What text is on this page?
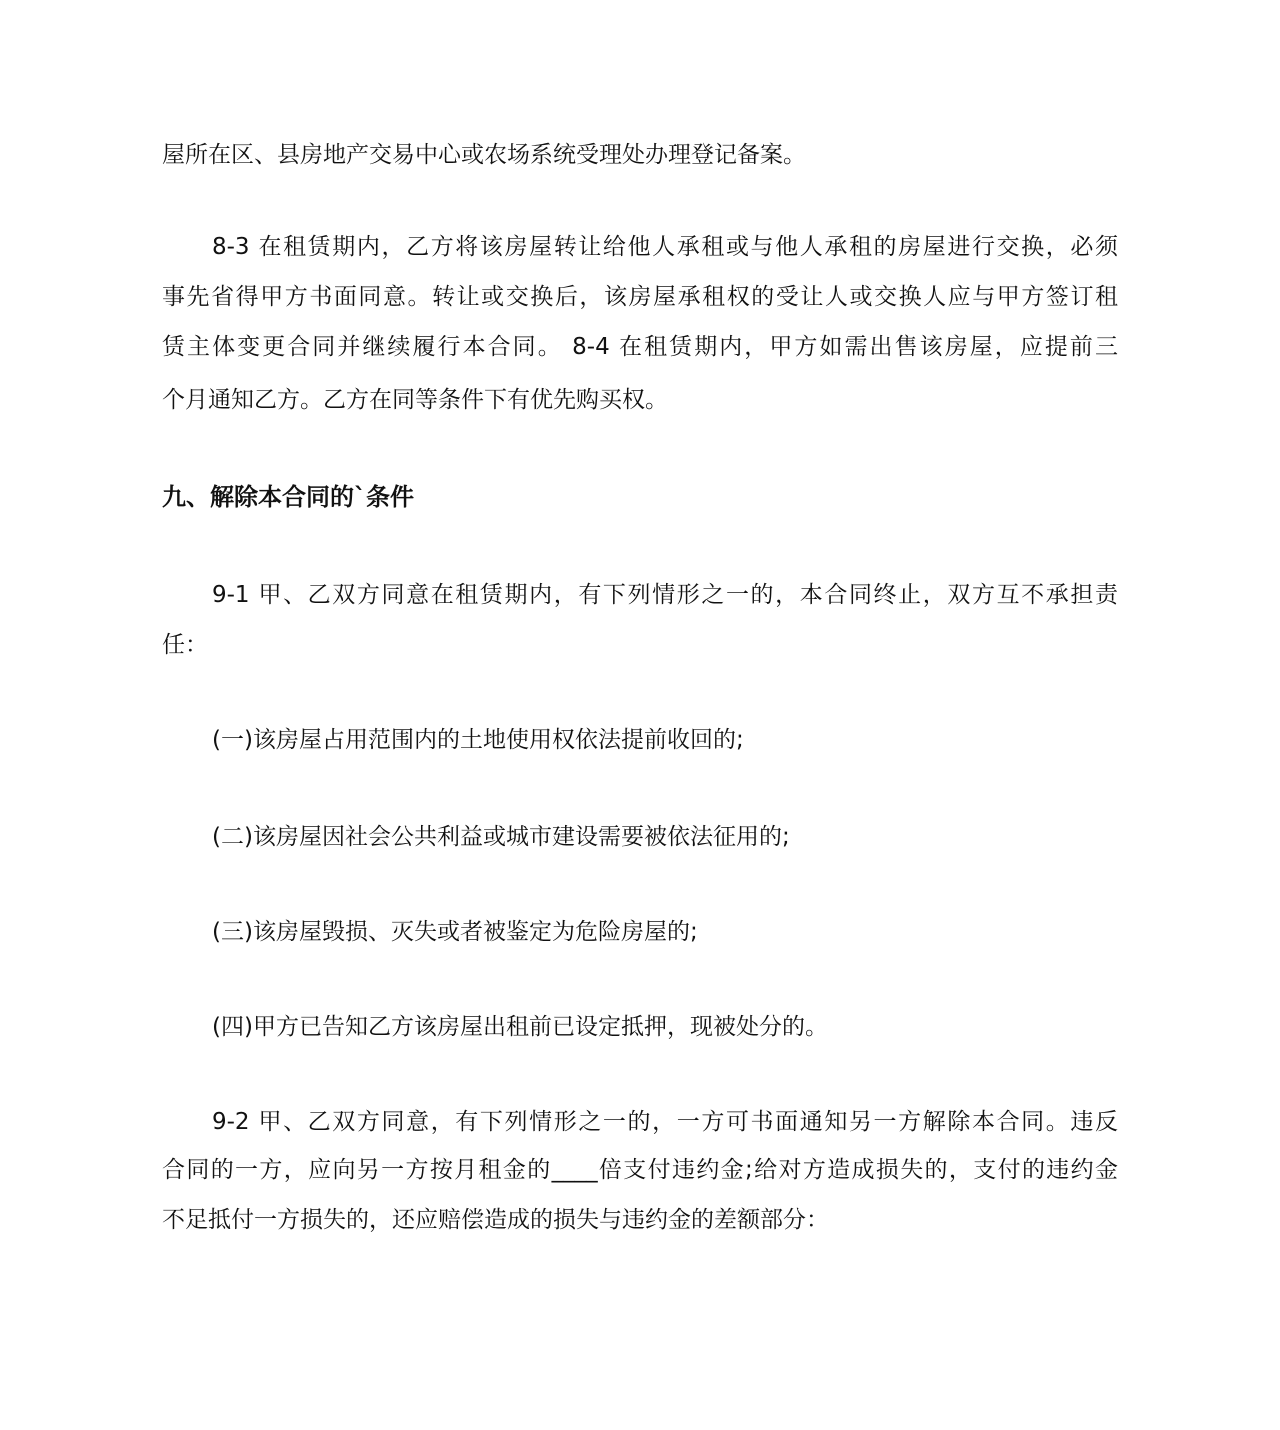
屋所在区、县房地产交易中心或农场系统受理处办理登记备案。
8-3 在租赁期内，乙方将该房屋转让给他人承租或与他人承租的房屋进行交换，必须
事先省得甲方书面同意。转让或交换后，该房屋承租权的受让人或交换人应与甲方签订租
赁主体变更合同并继续履行本合同。 8-4 在租赁期内，甲方如需出售该房屋，应提前三
个月通知乙方。乙方在同等条件下有优先购买权。
九、解除本合同的`条件
9-1 甲、乙双方同意在租赁期内，有下列情形之一的，本合同终止，双方互不承担责
任：
(一)该房屋占用范围内的土地使用权依法提前收回的;
(二)该房屋因社会公共利益或城市建设需要被依法征用的;
(三)该房屋毁损、灭失或者被鉴定为危险房屋的;
(四)甲方已告知乙方该房屋出租前已设定抵押，现被处分的。
9-2 甲、乙双方同意，有下列情形之一的，一方可书面通知另一方解除本合同。违反
合同的一方，应向另一方按月租金的____倍支付违约金;给对方造成损失的，支付的违约金
不足抵付一方损失的，还应赔偿造成的损失与违约金的差额部分：
